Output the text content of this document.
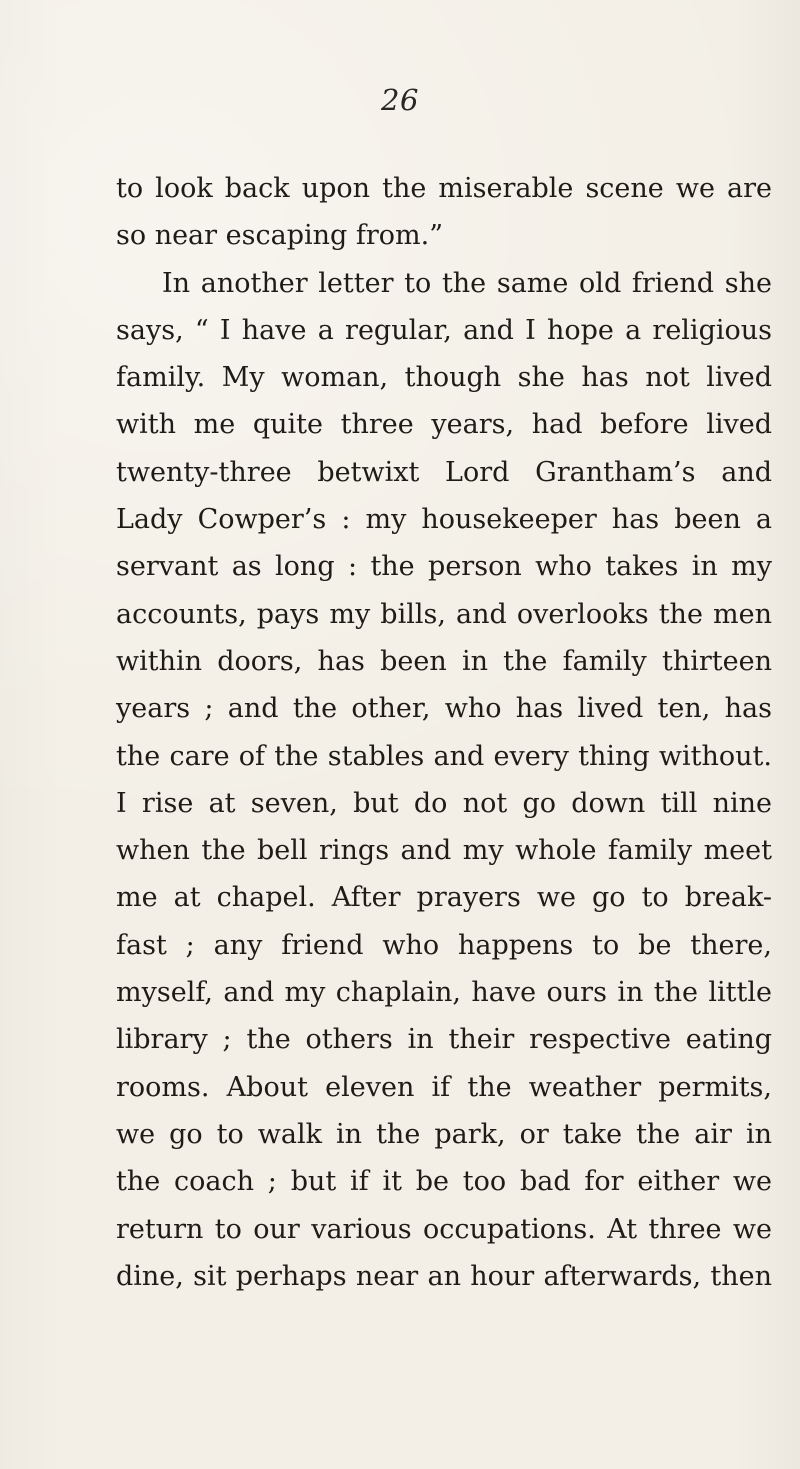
26
to look back upon the miserable scene we are
so near escaping from.”
In another letter to the same old friend she
says, “ I have a regular, and I hope a religious
family. My woman, though she has not lived
with me quite three years, had before lived
twenty-three betwixt Lord Grantham’s and
Lady Cowper’s : my housekeeper has been a
servant as long : the person who takes in my
accounts, pays my bills, and overlooks the men
within doors, has been in the family thirteen
years ; and the other, who has lived ten, has
the care of the stables and every thing without.
I rise at seven, but do not go down till nine
when the bell rings and my whole family meet
me at chapel. After prayers we go to break-
fast ; any friend who happens to be there,
myself, and my chaplain, have ours in the little
library ; the others in their respective eating
rooms. About eleven if the weather permits,
we go to walk in the park, or take the air in
the coach ; but if it be too bad for either we
return to our various occupations. At three we
dine, sit perhaps near an hour afterwards, then
